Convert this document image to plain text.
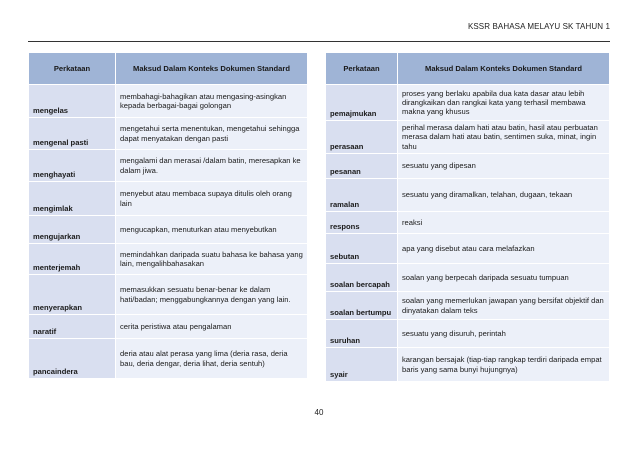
KSSR BAHASA MELAYU SK TAHUN 1
Perkataan	Maksud Dalam Konteks Dokumen Standard
mengelas	membahagi-bahagikan atau mengasing-asingkan kepada berbagai-bagai golongan
mengenal pasti	mengetahui serta menentukan, mengetahui sehingga dapat menyatakan dengan pasti
menghayati	mengalami dan merasai /dalam batin, meresapkan ke dalam jiwa.
mengimlak	menyebut atau membaca supaya ditulis oleh orang lain
mengujarkan	mengucapkan, menuturkan atau menyebutkan
menterjemah	memindahkan daripada suatu bahasa ke bahasa yang lain, mengalihbahasakan
menyerapkan	memasukkan sesuatu benar-benar ke dalam hati/badan; menggabungkannya dengan yang lain.
naratif	cerita peristiwa atau pengalaman
pancaindera	deria atau alat perasa yang lima (deria rasa, deria bau, deria dengar, deria lihat, deria sentuh)
Perkataan	Maksud Dalam Konteks Dokumen Standard
pemajmukan	proses yang berlaku apabila dua kata dasar atau lebih dirangkaikan dan rangkai kata yang terhasil membawa makna yang khusus
perasaan	perihal merasa dalam hati atau batin, hasil atau perbuatan merasa dalam hati atau batin, sentimen suka, minat, ingin tahu
pesanan	sesuatu yang dipesan
ramalan	sesuatu yang diramalkan, telahan, dugaan, tekaan
respons	reaksi
sebutan	apa yang disebut atau cara melafazkan
soalan bercapah	soalan yang berpecah daripada sesuatu tumpuan
soalan bertumpu	soalan yang memerlukan jawapan yang bersifat objektif dan dinyatakan dalam teks
suruhan	sesuatu yang disuruh, perintah
syair	karangan bersajak (tiap-tiap rangkap terdiri daripada empat baris yang sama bunyi hujungnya)
40
